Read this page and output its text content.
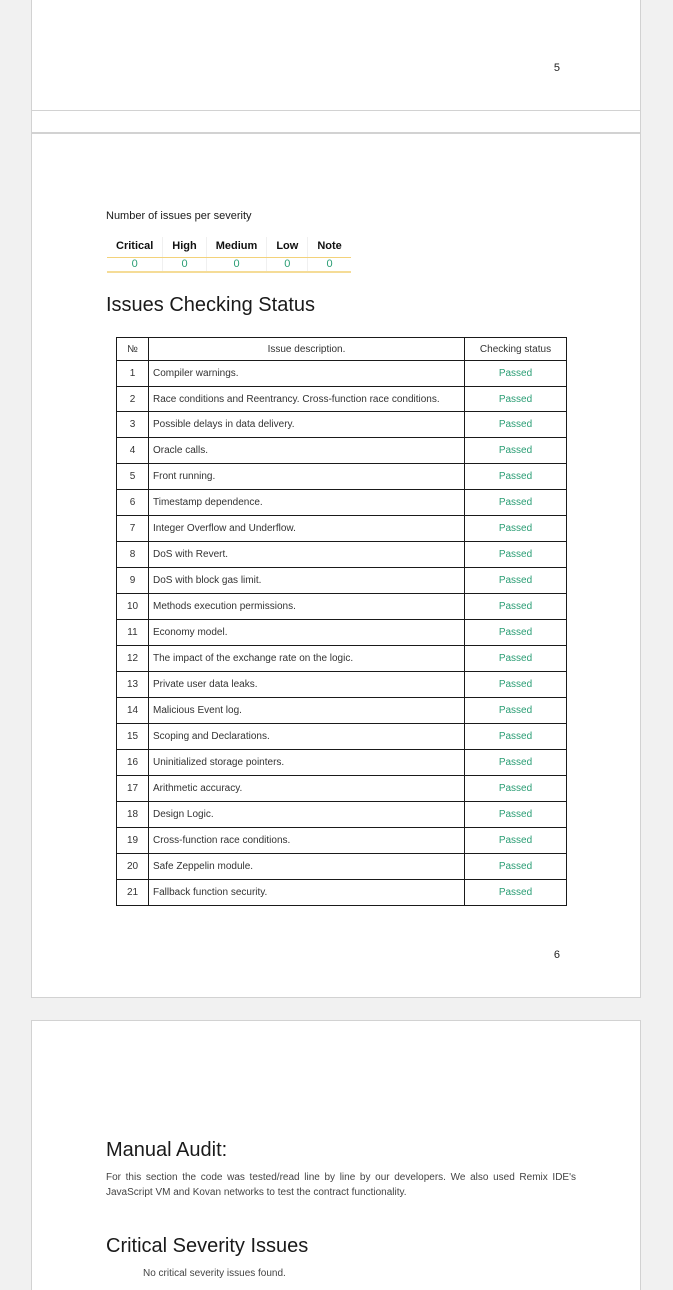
5
Number of issues per severity
Critical	High	Medium	Low	Note
0	0	0	0	0
Issues Checking Status
№	Issue description.	Checking status
1	Compiler warnings.	Passed
2	Race conditions and Reentrancy. Cross-function race conditions.	Passed
3	Possible delays in data delivery.	Passed
4	Oracle calls.	Passed
5	Front running.	Passed
6	Timestamp dependence.	Passed
7	Integer Overflow and Underflow.	Passed
8	DoS with Revert.	Passed
9	DoS with block gas limit.	Passed
10	Methods execution permissions.	Passed
11	Economy model.	Passed
12	The impact of the exchange rate on the logic.	Passed
13	Private user data leaks.	Passed
14	Malicious Event log.	Passed
15	Scoping and Declarations.	Passed
16	Uninitialized storage pointers.	Passed
17	Arithmetic accuracy.	Passed
18	Design Logic.	Passed
19	Cross-function race conditions.	Passed
20	Safe Zeppelin module.	Passed
21	Fallback function security.	Passed
6
Manual Audit:

For this section the code was tested/read line by line by our developers. We also used Remix IDE's JavaScript VM and Kovan networks to test the contract functionality.

Critical Severity Issues

No critical severity issues found.
